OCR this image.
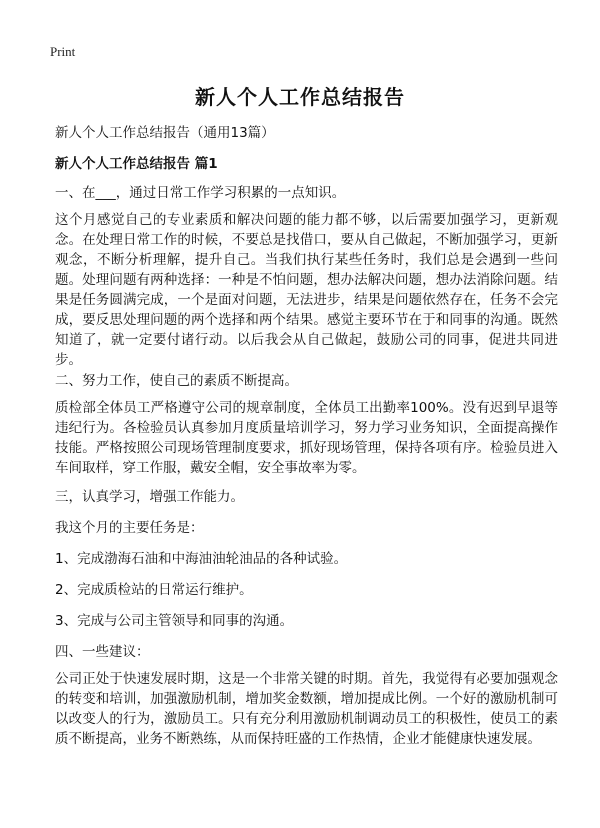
Print
新人个人工作总结报告
新人个人工作总结报告（通用13篇）
新人个人工作总结报告 篇1
一、在___，通过日常工作学习积累的一点知识。
这个月感觉自己的专业素质和解决问题的能力都不够，以后需要加强学习，更新观念。在处理日常工作的时候，不要总是找借口，要从自己做起，不断加强学习，更新观念，不断分析理解，提升自己。当我们执行某些任务时，我们总是会遇到一些问题。处理问题有两种选择：一种是不怕问题，想办法解决问题，想办法消除问题。结果是任务圆满完成，一个是面对问题，无法进步，结果是问题依然存在，任务不会完成，要反思处理问题的两个选择和两个结果。感觉主要环节在于和同事的沟通。既然知道了，就一定要付诸行动。以后我会从自己做起，鼓励公司的同事，促进共同进步。
二、努力工作，使自己的素质不断提高。
质检部全体员工严格遵守公司的规章制度，全体员工出勤率100%。没有迟到早退等违纪行为。各检验员认真参加月度质量培训学习，努力学习业务知识，全面提高操作技能。严格按照公司现场管理制度要求，抓好现场管理，保持各项有序。检验员进入车间取样，穿工作服，戴安全帽，安全事故率为零。
三，认真学习，增强工作能力。
我这个月的主要任务是：
1、完成渤海石油和中海油油轮油品的各种试验。
2、完成质检站的日常运行维护。
3、完成与公司主管领导和同事的沟通。
四、一些建议：
公司正处于快速发展时期，这是一个非常关键的时期。首先，我觉得有必要加强观念的转变和培训，加强激励机制，增加奖金数额，增加提成比例。一个好的激励机制可以改变人的行为，激励员工。只有充分利用激励机制调动员工的积极性，使员工的素质不断提高，业务不断熟练，从而保持旺盛的工作热情，企业才能健康快速发展。
